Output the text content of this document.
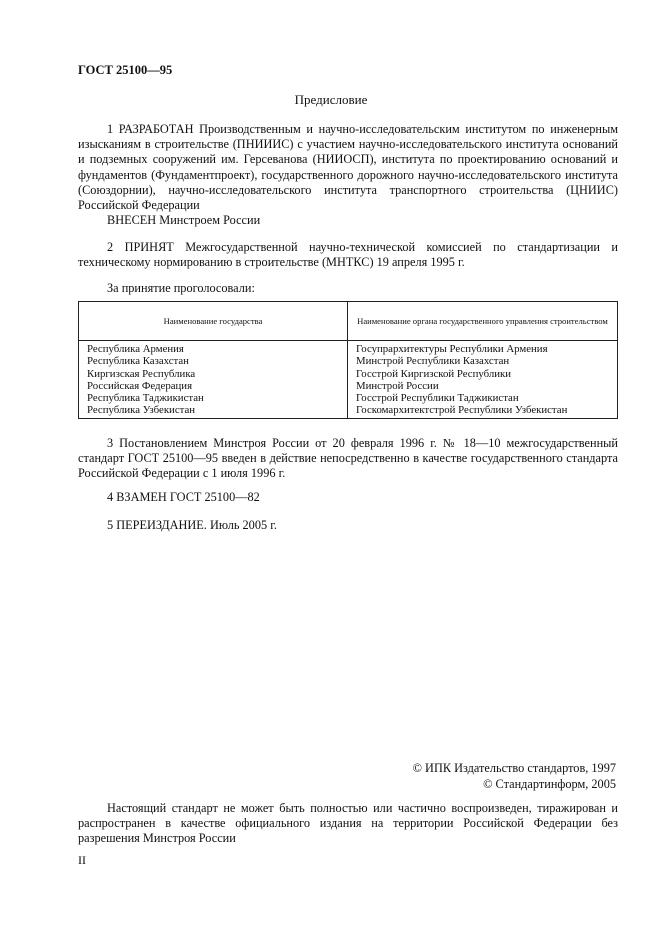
ГОСТ 25100—95
Предисловие

1 РАЗРАБОТАН Производственным и научно-исследовательским институтом по инженерным изысканиям в строительстве (ПНИИИС) с участием научно-исследовательского института оснований и подземных сооружений им. Герсеванова (НИИОСП), института по проектированию оснований и фундаментов (Фундаментпроект), государственного дорожного научно-исследовательского института (Союздорнии), научно-исследовательского института транспортного строительства (ЦНИИС) Российской Федерации

ВНЕСЕН Минстроем России

2 ПРИНЯТ Межгосударственной научно-технической комиссией по стандартизации и техническому нормированию в строительстве (МНТКС) 19 апреля 1995 г.

За принятие проголосовали:
Наименование государства	Наименование органа государственного управления строительством
Республика Армения	Госупрархитектуры Республики Армения
Республика Казахстан	Минстрой Республики Казахстан
Киргизская Республика	Госстрой Киргизской Республики
Российская Федерация	Минстрой России
Республика Таджикистан	Госстрой Республики Таджикистан
Республика Узбекистан	Госкомархитектстрой Республики Узбекистан

3 Постановлением Минстроя России от 20 февраля 1996 г. № 18—10 межгосударственный стандарт ГОСТ 25100—95 введен в действие непосредственно в качестве государственного стандарта Российской Федерации с 1 июля 1996 г.

4 ВЗАМЕН ГОСТ 25100—82
5 ПЕРЕИЗДАНИЕ. Июль 2005 г.
© ИПК Издательство стандартов, 1997
© Стандартинформ, 2005

Настоящий стандарт не может быть полностью или частично воспроизведен, тиражирован и распространен в качестве официального издания на территории Российской Федерации без разрешения Минстроя России

II
